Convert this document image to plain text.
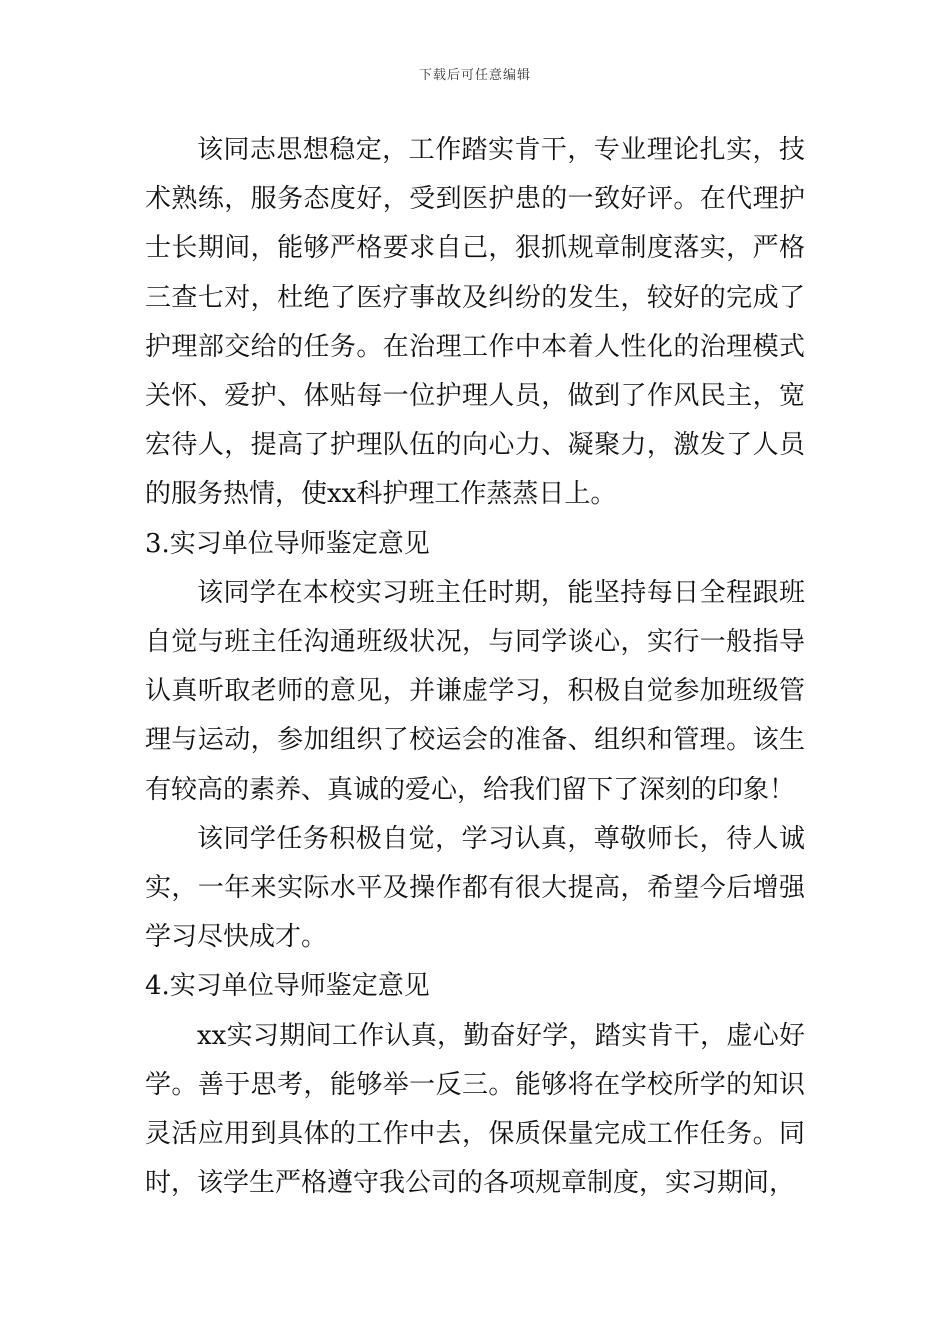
下载后可任意编辑

该同志思想稳定，工作踏实肯干，专业理论扎实，技术熟练，服务态度好，受到医护患的一致好评。在代理护士长期间，能够严格要求自己，狠抓规章制度落实，严格三查七对，杜绝了医疗事故及纠纷的发生，较好的完成了护理部交给的任务。在治理工作中本着人性化的治理模式关怀、爱护、体贴每一位护理人员，做到了作风民主，宽宏待人，提高了护理队伍的向心力、凝聚力，激发了人员的服务热情，使xx科护理工作蒸蒸日上。

3.实习单位导师鉴定意见

该同学在本校实习班主任时期，能坚持每日全程跟班自觉与班主任沟通班级状况，与同学谈心，实行一般指导认真听取老师的意见，并谦虚学习，积极自觉参加班级管理与运动，参加组织了校运会的准备、组织和管理。该生有较高的素养、真诚的爱心，给我们留下了深刻的印象！

该同学任务积极自觉，学习认真，尊敬师长，待人诚实，一年来实际水平及操作都有很大提高，希望今后增强学习尽快成才。

4.实习单位导师鉴定意见

xx实习期间工作认真，勤奋好学，踏实肯干，虚心好学。善于思考，能够举一反三。能够将在学校所学的知识灵活应用到具体的工作中去，保质保量完成工作任务。同时，该学生严格遵守我公司的各项规章制度，实习期间，
